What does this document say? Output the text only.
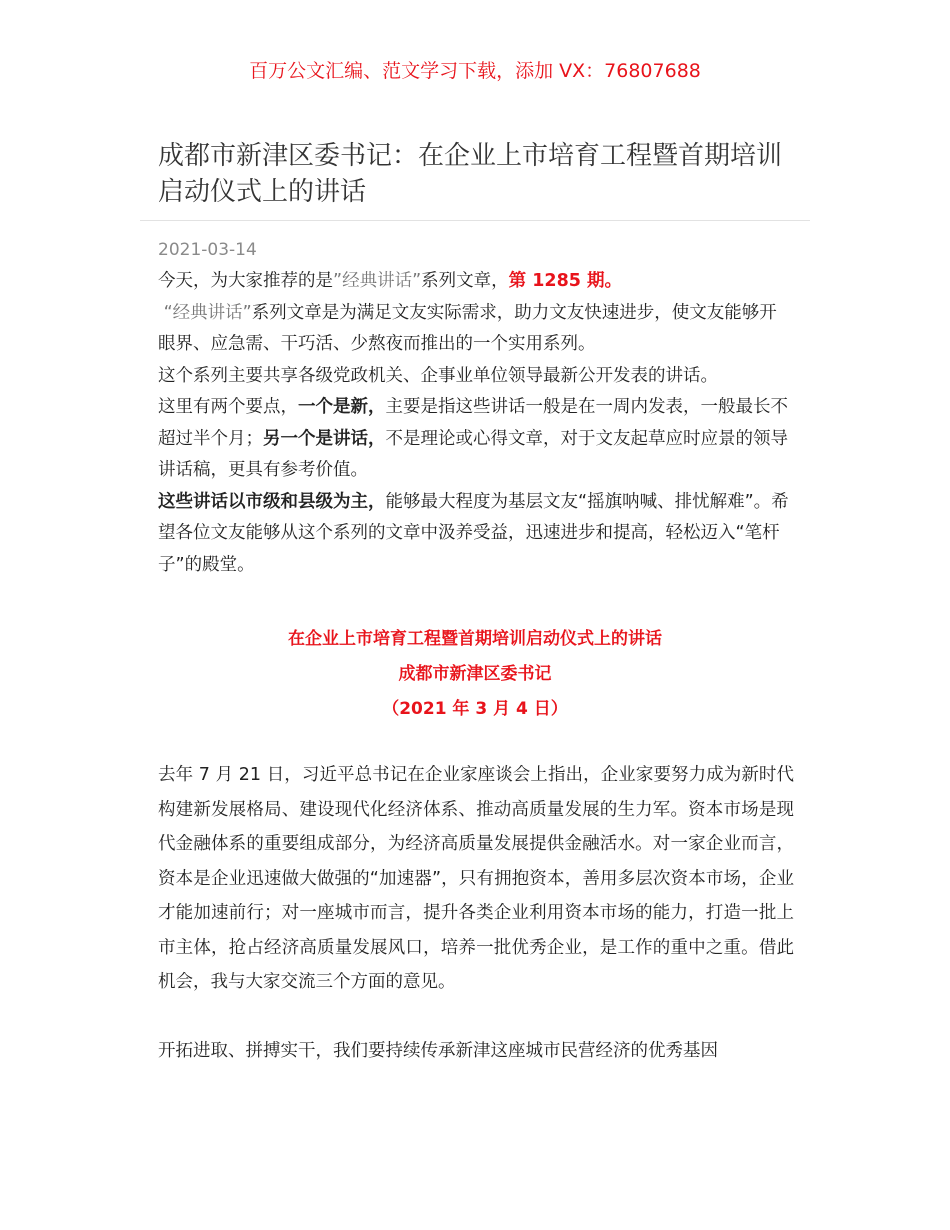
百万公文汇编、范文学习下载，添加 VX：76807688
成都市新津区委书记：在企业上市培育工程暨首期培训启动仪式上的讲话
2021-03-14

今天，为大家推荐的是”经典讲话”系列文章，第 1285 期。

“经典讲话”系列文章是为满足文友实际需求，助力文友快速进步，使文友能够开眼界、应急需、干巧活、少熬夜而推出的一个实用系列。

这个系列主要共享各级党政机关、企事业单位领导最新公开发表的讲话。

这里有两个要点，一个是新，主要是指这些讲话一般是在一周内发表，一般最长不超过半个月；另一个是讲话，不是理论或心得文章，对于文友起草应时应景的领导讲话稿，更具有参考价值。

这些讲话以市级和县级为主，能够最大程度为基层文友“摇旗呐喊、排忧解难”。希望各位文友能够从这个系列的文章中汲养受益，迅速进步和提高，轻松迈入“笔杆子”的殿堂。

在企业上市培育工程暨首期培训启动仪式上的讲话
成都市新津区委书记
（2021 年 3 月 4 日）

去年 7 月 21 日，习近平总书记在企业家座谈会上指出，企业家要努力成为新时代构建新发展格局、建设现代化经济体系、推动高质量发展的生力军。资本市场是现代金融体系的重要组成部分，为经济高质量发展提供金融活水。对一家企业而言，资本是企业迅速做大做强的“加速器”，只有拥抱资本，善用多层次资本市场，企业才能加速前行；对一座城市而言，提升各类企业利用资本市场的能力，打造一批上市主体，抢占经济高质量发展风口，培养一批优秀企业，是工作的重中之重。借此机会，我与大家交流三个方面的意见。

开拓进取、拼搏实干，我们要持续传承新津这座城市民营经济的优秀基因
